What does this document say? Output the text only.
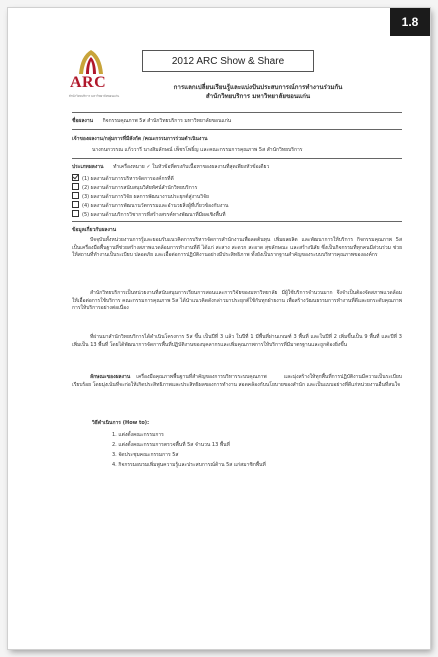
1.8
ARC
สำนักวิทยบริการ มหาวิทยาลัยขอนแก่น
2012 ARC Show & Share
การแลกเปลี่ยนเรียนรู้และแบ่งปันประสบการณ์การทำงานร่วมกัน
สำนักวิทยบริการ มหาวิทยาลัยขอนแก่น
ชื่อผลงาน กิจกรรมคุณภาพ 5ส สำนักวิทยบริการ มหาวิทยาลัยขอนแก่น
เจ้าของผลงาน/กลุ่มการที่มีสังกัด /คณะกรรมการร่วมดำเนินงาน
นางกนกวรรณ แก้ววารี นางสิมลักษณ์ เพ็ชรโพธิ์ญ และคณะกรรมการคุณภาพ 5ส สำนักวิทยบริการ
ประเภทผลงาน ทำเครื่องหมาย ✓ ในหัวข้อที่ตรงกับเนื้อหาของผลงานที่สุดเพียงหัวข้อเดียว
(1) ผลงานด้านการบริหารจัดการองค์กรที่ดี
(2) ผลงานด้านการสนับสนุนวิสัยทัศน์สำนักวิทยบริการ
(3) ผลงานด้านการวิจัย ผลการพัฒนางานประยุกต์สู่งานวิจัย
(4) ผลงานด้านการพัฒนานวัตกรรมและอำนวยสิ่งผู้ที่เกี่ยวข้องกับงาน
(5) ผลงานด้านบริการวิชาการที่สร้างสรรค์ทางพัฒนาที่มีผลเชิงพื้นที่
ข้อมูลเกี่ยวกับผลงาน
ปัจจุบันทั้งหน่วยงานการรู้และยอมรับแนวคิดการบริหารจัดการสำนักงานเพื่อลดต้นทุน เพิ่มผลผลิต และพัฒนาการให้บริการ กิจกรรมคุณภาพ 5ส เป็นเครื่องมือพื้นฐานที่ช่วยสร้างสภาพแวดล้อมการทำงานที่ดี ได้แก่ สะสาง สะดวก สะอาด สุขลักษณะ และสร้างนิสัย ซึ่งเป็นกิจกรรมที่ทุกคนมีส่วนร่วม ช่วยให้สถานที่ทำงานเป็นระเบียบ ปลอดภัย และเอื้อต่อการปฏิบัติงานอย่างมีประสิทธิภาพ ทั้งยังเป็นรากฐานสำคัญของระบบบริหารคุณภาพขององค์กร
สำนักวิทยบริการเป็นหน่วยงานที่สนับสนุนการเรียนการสอนและการวิจัยของมหาวิทยาลัย มีผู้ใช้บริการจำนวนมาก จึงจำเป็นต้องจัดสภาพแวดล้อมให้เอื้อต่อการใช้บริการ คณะกรรมการคุณภาพ 5ส ได้นำแนวคิดดังกล่าวมาประยุกต์ใช้กับทุกฝ่ายงาน เพื่อสร้างวัฒนธรรมการทำงานที่ดีและยกระดับคุณภาพการให้บริการอย่างต่อเนื่อง
ที่ผ่านมาสำนักวิทยบริการได้ดำเนินโครงการ 5ส ขึ้น เป็นปีที่ 3 แล้ว ในปีที่ 1 มีพื้นที่ผ่านเกณฑ์ 3 พื้นที่ และในปีที่ 2 เพิ่มขึ้นเป็น 9 พื้นที่ และปีที่ 3 เพิ่มเป็น 13 พื้นที่ โดยได้พัฒนาการจัดการพื้นที่ปฏิบัติงานของบุคลากรและเพิ่มคุณภาพการให้บริการที่มีมาตรฐานและถูกต้องยิ่งขึ้น
ลักษณะของผลงาน เครื่องมือคุณภาพพื้นฐานที่สำคัญของการบริหารระบบคุณภาพ และมุ่งสร้างให้ทุกพื้นที่การปฏิบัติงานมีความเป็นระเบียบเรียบร้อย โดยมุ่งเน้นที่จะก่อให้เกิดประสิทธิภาพและประสิทธิผลของการทำงาน สอดคล้องกับนโยบายของสำนัก และเป็นแบบอย่างที่ดีแก่หน่วยงานอื่นที่สนใจ
วิธีดำเนินการ (How to):
1. แต่งตั้งคณะกรรมการ
2. แต่งตั้งคณะกรรมการตรวจพื้นที่ 5ส จำนวน 13 พื้นที่
3. จัดประชุมคณะกรรมการ 5ส
4. กิจกรรมอบรมเพิ่มพูนความรู้และประสบการณ์ด้าน 5ส แก่สมาชิกพื้นที่
